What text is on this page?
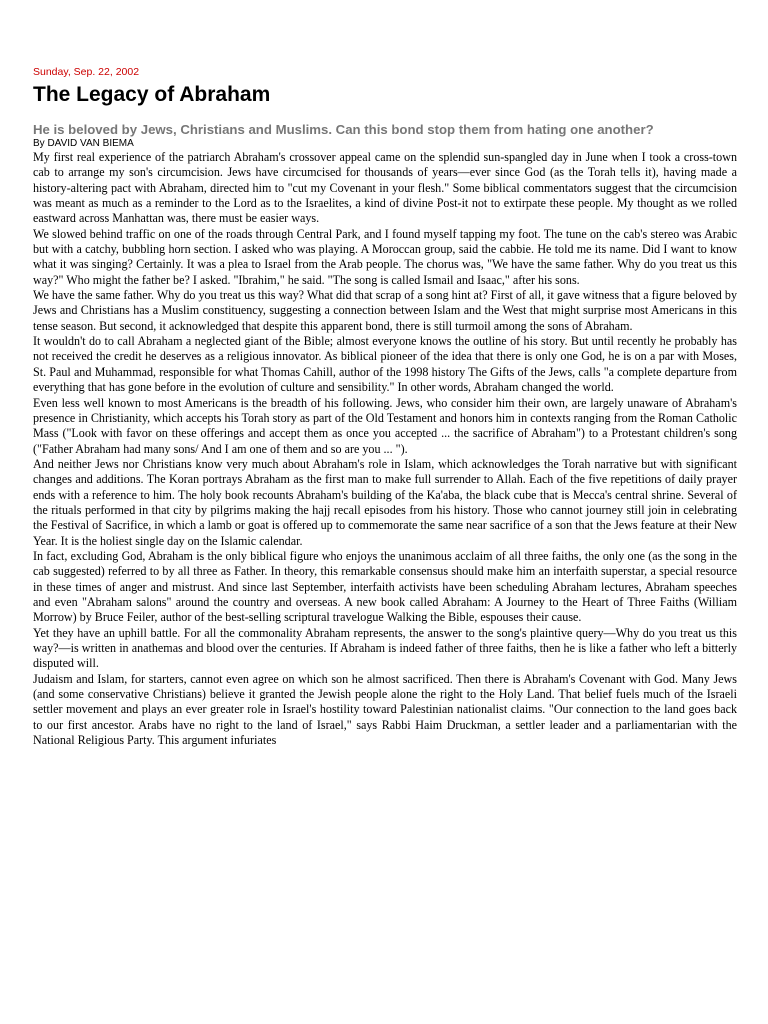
Sunday, Sep. 22, 2002
The Legacy of Abraham
He is beloved by Jews, Christians and Muslims. Can this bond stop them from hating one another?
By DAVID VAN BIEMA

My first real experience of the patriarch Abraham's crossover appeal came on the splendid sun-spangled day in June when I took a cross-town cab to arrange my son's circumcision. Jews have circumcised for thousands of years—ever since God (as the Torah tells it), having made a history-altering pact with Abraham, directed him to "cut my Covenant in your flesh." Some biblical commentators suggest that the circumcision was meant as much as a reminder to the Lord as to the Israelites, a kind of divine Post-it not to extirpate these people. My thought as we rolled eastward across Manhattan was, there must be easier ways.

We slowed behind traffic on one of the roads through Central Park, and I found myself tapping my foot. The tune on the cab's stereo was Arabic but with a catchy, bubbling horn section. I asked who was playing. A Moroccan group, said the cabbie. He told me its name. Did I want to know what it was singing? Certainly. It was a plea to Israel from the Arab people. The chorus was, "We have the same father. Why do you treat us this way?" Who might the father be? I asked. "Ibrahim," he said. "The song is called Ismail and Isaac," after his sons.

We have the same father. Why do you treat us this way? What did that scrap of a song hint at? First of all, it gave witness that a figure beloved by Jews and Christians has a Muslim constituency, suggesting a connection between Islam and the West that might surprise most Americans in this tense season. But second, it acknowledged that despite this apparent bond, there is still turmoil among the sons of Abraham.

It wouldn't do to call Abraham a neglected giant of the Bible; almost everyone knows the outline of his story. But until recently he probably has not received the credit he deserves as a religious innovator. As biblical pioneer of the idea that there is only one God, he is on a par with Moses, St. Paul and Muhammad, responsible for what Thomas Cahill, author of the 1998 history The Gifts of the Jews, calls "a complete departure from everything that has gone before in the evolution of culture and sensibility." In other words, Abraham changed the world.

Even less well known to most Americans is the breadth of his following. Jews, who consider him their own, are largely unaware of Abraham's presence in Christianity, which accepts his Torah story as part of the Old Testament and honors him in contexts ranging from the Roman Catholic Mass ("Look with favor on these offerings and accept them as once you accepted ... the sacrifice of Abraham") to a Protestant children's song ("Father Abraham had many sons/ And I am one of them and so are you ... ").

And neither Jews nor Christians know very much about Abraham's role in Islam, which acknowledges the Torah narrative but with significant changes and additions. The Koran portrays Abraham as the first man to make full surrender to Allah. Each of the five repetitions of daily prayer ends with a reference to him. The holy book recounts Abraham's building of the Ka'aba, the black cube that is Mecca's central shrine. Several of the rituals performed in that city by pilgrims making the hajj recall episodes from his history. Those who cannot journey still join in celebrating the Festival of Sacrifice, in which a lamb or goat is offered up to commemorate the same near sacrifice of a son that the Jews feature at their New Year. It is the holiest single day on the Islamic calendar.

In fact, excluding God, Abraham is the only biblical figure who enjoys the unanimous acclaim of all three faiths, the only one (as the song in the cab suggested) referred to by all three as Father. In theory, this remarkable consensus should make him an interfaith superstar, a special resource in these times of anger and mistrust. And since last September, interfaith activists have been scheduling Abraham lectures, Abraham speeches and even "Abraham salons" around the country and overseas. A new book called Abraham: A Journey to the Heart of Three Faiths (William Morrow) by Bruce Feiler, author of the best-selling scriptural travelogue Walking the Bible, espouses their cause.

Yet they have an uphill battle. For all the commonality Abraham represents, the answer to the song's plaintive query—Why do you treat us this way?—is written in anathemas and blood over the centuries. If Abraham is indeed father of three faiths, then he is like a father who left a bitterly disputed will.

Judaism and Islam, for starters, cannot even agree on which son he almost sacrificed. Then there is Abraham's Covenant with God. Many Jews (and some conservative Christians) believe it granted the Jewish people alone the right to the Holy Land. That belief fuels much of the Israeli settler movement and plays an ever greater role in Israel's hostility toward Palestinian nationalist claims. "Our connection to the land goes back to our first ancestor. Arabs have no right to the land of Israel," says Rabbi Haim Druckman, a settler leader and a parliamentarian with the National Religious Party. This argument infuriates
